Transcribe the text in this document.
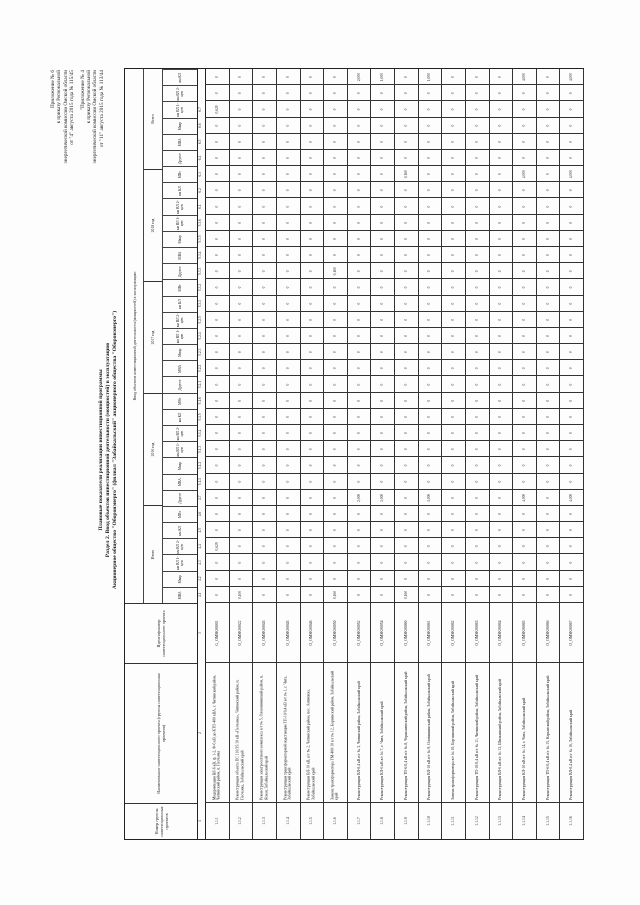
Приложение № 6 к приказу Региональной энергетической комиссии Омской области от "4" августа 2015 года № 115/45 "Приложение № 4 к приказу Региональной энергетической комиссии Омской области от "11" августа 2015 года № 113/44
Плановые показатели реализации инвестиционной программы Раздел 2. Ввод объектов инвестиционной деятельности (мощностей) в эксплуатацию Акционерное общество "Оборонэнерго" (филиал "Забайкальский" акционерного общества "Оборонэнерго")
Номер группы инвестиционных проектов
Наименование инвестиционного проекта (группы инвестиционных проектов)
Идентификатор инвестиционного проекта
Ввод объектов инвестиционной деятельности (мощностей) в эксплуатацию
Итого
2016 год
2017 год
2018 год
Всего
МВА
Мвар
км ВЛ 1-цеп
км ВЛ 2-цеп
км КЛ
МВт
Другое
МВА
Мвар
км ВЛ 1-цеп
км ВЛ 2-цеп
км КЛ
МВт
Другое
МВА
Мвар
км ВЛ 1-цеп
км ВЛ 2-цеп
км КЛ
МВт
Другое
МВА
Мвар
км ВЛ 1-цеп
км ВЛ 2-цеп
км КЛ
МВт
Другое
МВА
Мвар
км ВЛ 1-цеп
км ВЛ 2-цеп
км КЛ
1
2
3
4.1
4.2
4.3
4.4
4.5
4.6
4.7
5.1.1
5.1.2
5.1.3
5.1.4
5.1.5
5.1.6
5.2.1
5.2.2
5.2.3
5.2.4
5.2.5
5.3.1
5.3.2
5.3.3
5.3.4
5.3.5
5.3.6
6.1
6.2
6.3
6.4
6.5
6.6
6.7
1.1.1
Модернизация ВЛ-6 кВ, ф. 1-2, Ф-6 кВ до КТП-400 кВА, г. Читинский район, Читинский район, п. Песчанка
G_OMSK00001
0
0
0
0,629
0
0
0
0
0
0
0
0
0
0
0
0
0
0
0
0
0
0
0
0
0
0
0
0
0
0
0,629
0
0
1.1.2
Реконструкция объекта ПС 110/35/10 кВ «Песчанка», Читинский район, п. Песчанка, Забайкальский край
O_OMSK00022
0,100
0
0
0
0
0
0
0
0
0
0
0
0
0
0
0
0
0
0
0
0
0
0
0
0
0
0
0
0
0
0
0
0
1.1.3
Реконструкция электросетевого комплекса в/г № 5, Оловяннинский район, п. Ясная, Забайкальский край
O_OMSK00043
0
0
0
0
0
0
0
0
0
0
0
0
0
0
0
0
0
0
0
0
0
0
0
0
0
0
0
0
0
0
0
0
0
1.1.4
Реконструкция трансформаторной подстанции ТП-10/0,4 кВ в/г № 1, г. Чита, Забайкальский край
O_OMSK00045
0
0
0
0
0
0
0
0
0
0
0
0
0
0
0
0
0
0
0
0
0
0
0
0
0
0
0
0
0
0
0
0
0
1.1.5
Реконструкция ВЛ-10 кВ, в/г № 2, Читинский район, пос. Антипиха, Забайкальский край
O_OMSK00046
0
0
0
0
0
0
0
0
0
0
0
0
0
0
0
0
0
0
0
0
0
0
0
0
0
0
0
0
0
0
0
0
0
1.1.6
Замена трансформатора ТМ-400/10 в/г № 12, Борзинский район, Забайкальский край
O_OMSK00050
0,160
0
0
0
0
0
0
0
0
0
0
0
0
0
0
0
0
0
0
0
0,160
0
0
0
0
0
0
0
0
0
0
0
0
1.1.7
Реконструкция ВЛ-0,4 кВ в/г № 3, Читинский район, Забайкальский край
O_OMSK00052
0
0
0
0
0
0
2,000
0
0
0
0
0
0
0
0
0
0
0
0
0
0
0
0
0
0
0
0
0
0
0
0
0
2,000
1.1.8
Реконструкция КЛ-6 кВ в/г № 7, г. Чита, Забайкальский край
O_OMSK00054
0
0
0
0
0
0
1,000
0
0
0
0
0
0
0
0
0
0
0
0
0
0
0
0
0
0
0
0
0
0
0
0
0
1,000
1.1.9
Реконструкция ТП-6/0,4 кВ в/г № 8, Чернышевский район, Забайкальский край
O_OMSK00060
0,160
0
0
0
0
0
0
0
0
0
0
0
0
0
0
0
0
0
0
0
0
0
0
0
0
0
0,160
0
0
0
0
0
0
1.1.10
Реконструкция ВЛ-10 кВ в/г № 9, Оловяннинский район, Забайкальский край
O_OMSK00061
0
0
0
0
0
0
1,000
0
0
0
0
0
0
0
0
0
0
0
0
0
0
0
0
0
0
0
0
0
0
0
0
0
1,000
1.1.11
Замена трансформатора в/г № 10, Борзинский район, Забайкальский край
O_OMSK00062
0
0
0
0
0
0
0
0
0
0
0
0
0
0
0
0
0
0
0
0
0
0
0
0
0
0
0
0
0
0
0
0
0
1.1.12
Реконструкция ТП-10/0,4 кВ в/г № 11, Читинский район, Забайкальский край
O_OMSK00063
0
0
0
0
0
0
0
0
0
0
0
0
0
0
0
0
0
0
0
0
0
0
0
0
0
0
0
0
0
0
0
0
0
1.1.13
Реконструкция ВЛ-6 кВ в/г № 13, Шилкинский район, Забайкальский край
O_OMSK00064
0
0
0
0
0
0
0
0
0
0
0
0
0
0
0
0
0
0
0
0
0
0
0
0
0
0
0
0
0
0
0
0
0
1.1.14
Реконструкция КЛ-10 кВ в/г № 14, г. Чита, Забайкальский край
O_OMSK00065
0
0
0
0
0
0
4,000
0
0
0
0
0
0
0
0
0
0
0
0
0
0
0
0
0
0
0
4,000
0
0
0
0
0
4,000
1.1.15
Реконструкция ТП-6/0,4 кВ в/г № 15, Карымский район, Забайкальский край
O_OMSK00066
0
0
0
0
0
0
0
0
0
0
0
0
0
0
0
0
0
0
0
0
0
0
0
0
0
0
0
0
0
0
0
0
0
1.1.16
Реконструкция ВЛ-0,4 кВ в/г № 16, Забайкальский край
O_OMSK00067
0
0
0
0
0
0
4,000
0
0
0
0
0
0
0
0
0
0
0
0
0
0
0
0
0
0
0
4,000
0
0
0
0
0
4,000
